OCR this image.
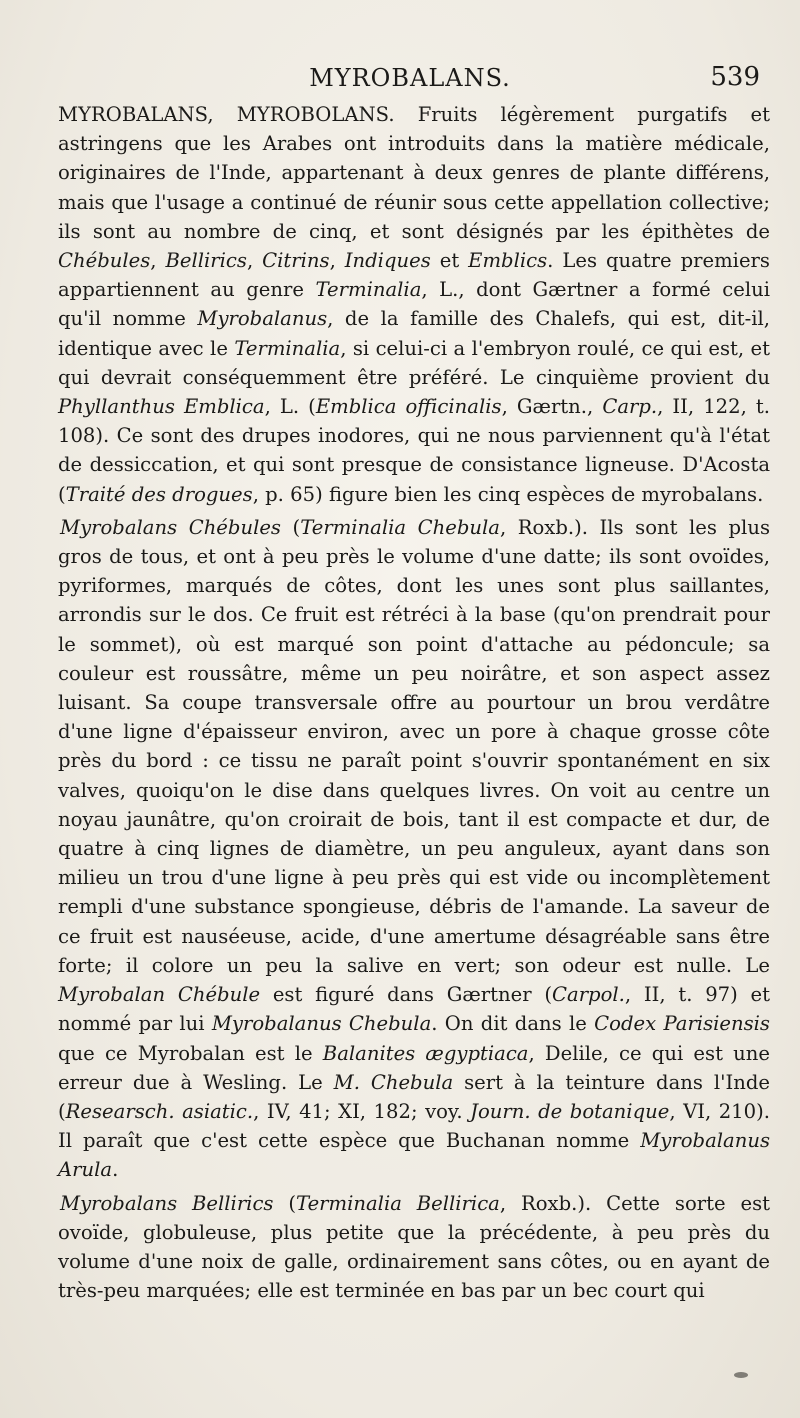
MYROBALANS.	539

MYROBALANS, MYROBOLANS. Fruits légèrement purgatifs et astringens que les Arabes ont introduits dans la matière médicale, originaires de l'Inde, appartenant à deux genres de plante différens, mais que l'usage a continué de réunir sous cette appellation collective; ils sont au nombre de cinq, et sont désignés par les épithètes de Chébules, Bellirics, Citrins, Indiques et Emblics. Les quatre premiers appartiennent au genre Terminalia, L., dont Gærtner a formé celui qu'il nomme Myrobalanus, de la famille des Chalefs, qui est, dit-il, identique avec le Terminalia, si celui-ci a l'embryon roulé, ce qui est, et qui devrait conséquemment être préféré. Le cinquième provient du Phyllanthus Emblica, L. (Emblica officinalis, Gærtn., Carp., II, 122, t. 108). Ce sont des drupes inodores, qui ne nous parviennent qu'à l'état de dessiccation, et qui sont presque de consistance ligneuse. D'Acosta (Traité des drogues, p. 65) figure bien les cinq espèces de myrobalans.

Myrobalans Chébules (Terminalia Chebula, Roxb.). Ils sont les plus gros de tous, et ont à peu près le volume d'une datte; ils sont ovoïdes, pyriformes, marqués de côtes, dont les unes sont plus saillantes, arrondis sur le dos. Ce fruit est rétréci à la base (qu'on prendrait pour le sommet), où est marqué son point d'attache au pédoncule; sa couleur est roussâtre, même un peu noirâtre, et son aspect assez luisant. Sa coupe transversale offre au pourtour un brou verdâtre d'une ligne d'épaisseur environ, avec un pore à chaque grosse côte près du bord : ce tissu ne paraît point s'ouvrir spontanément en six valves, quoiqu'on le dise dans quelques livres. On voit au centre un noyau jaunâtre, qu'on croirait de bois, tant il est compacte et dur, de quatre à cinq lignes de diamètre, un peu anguleux, ayant dans son milieu un trou d'une ligne à peu près qui est vide ou incomplètement rempli d'une substance spongieuse, débris de l'amande. La saveur de ce fruit est nauséeuse, acide, d'une amertume désagréable sans être forte; il colore un peu la salive en vert; son odeur est nulle. Le Myrobalan Chébule est figuré dans Gærtner (Carpol., II, t. 97) et nommé par lui Myrobalanus Chebula. On dit dans le Codex Parisiensis que ce Myrobalan est le Balanites ægyptiaca, Delile, ce qui est une erreur due à Wesling. Le M. Chebula sert à la teinture dans l'Inde (Researsch. asiatic., IV, 41; XI, 182; voy. Journ. de botanique, VI, 210). Il paraît que c'est cette espèce que Buchanan nomme Myrobalanus Arula.

Myrobalans Bellirics (Terminalia Bellirica, Roxb.). Cette sorte est ovoïde, globuleuse, plus petite que la précédente, à peu près du volume d'une noix de galle, ordinairement sans côtes, ou en ayant de très-peu marquées; elle est terminée en bas par un bec court qui
